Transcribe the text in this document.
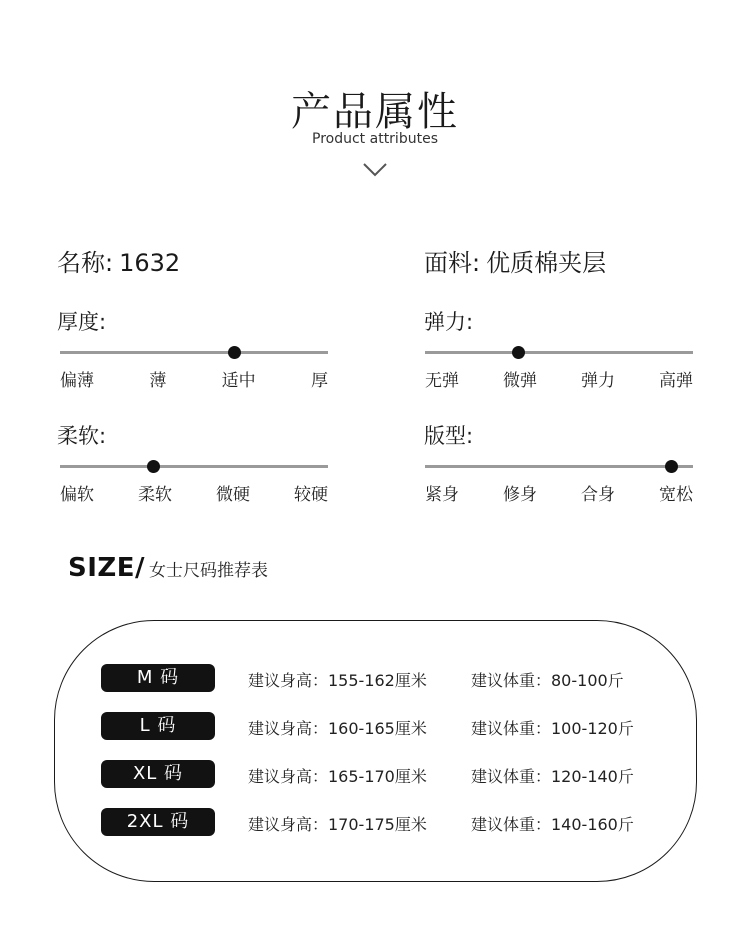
产品属性
Product attributes
名称: 1632	面料: 优质棉夹层
厚度:
偏薄	薄	适中	厚
弹力:
无弹	微弹	弹力	高弹
柔软:
偏软	柔软	微硬	较硬
版型:
紧身	修身	合身	宽松
SIZE/ 女士尺码推荐表
M 码	建议身高：155-162厘米	建议体重：80-100斤
L 码	建议身高：160-165厘米	建议体重：100-120斤
XL 码	建议身高：165-170厘米	建议体重：120-140斤
2XL 码	建议身高：170-175厘米	建议体重：140-160斤
